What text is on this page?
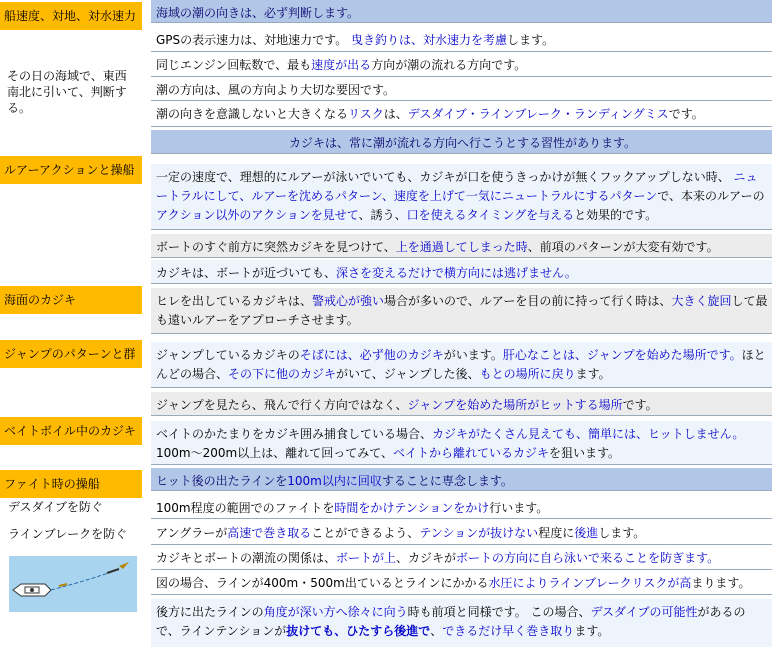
船速度、対地、対水速力
その日の海域で、東西南北に引いて、判断する。
ルアーアクションと操船
海面のカジキ
ジャンプのパターンと群
ベイトボイル中のカジキ
ファイト時の操船
デスダイブを防ぐ
ラインブレークを防ぐ
海域の潮の向きは、必ず判断します。
GPSの表示速力は、対地速力です。 曳き釣りは、対水速力を考慮します。
同じエンジン回転数で、最も速度が出る方向が潮の流れる方向です。
潮の方向は、風の方向より大切な要因です。
潮の向きを意識しないと大きくなるリスクは、デスダイブ・ラインブレーク・ランディングミスです。
カジキは、常に潮が流れる方向へ行こうとする習性があります。
一定の速度で、理想的にルアーが泳いでいても、カジキが口を使うきっかけが無くフックアップしない時、 ニュートラルにして、ルアーを沈めるパターン、速度を上げて一気にニュートラルにするパターンで、本来のルアーのアクション以外のアクションを見せて、誘う、口を使えるタイミングを与えると効果的です。
ボートのすぐ前方に突然カジキを見つけて、上を通過してしまった時、前項のパターンが大変有効です。
カジキは、ボートが近づいても、深さを変えるだけで横方向には逃げません。
ヒレを出しているカジキは、警戒心が強い場合が多いので、ルアーを目の前に持って行く時は、大きく旋回して最も遠いルアーをアプローチさせます。
ジャンプしているカジキのそばには、必ず他のカジキがいます。肝心なことは、ジャンプを始めた場所です。ほとんどの場合、その下に他のカジキがいて、ジャンプした後、もとの場所に戻ります。
ジャンプを見たら、飛んで行く方向ではなく、ジャンプを始めた場所がヒットする場所です。
ベイトのかたまりをカジキ囲み捕食している場合、カジキがたくさん見えても、簡単には、ヒットしません。100m～200m以上は、離れて回ってみて、ベイトから離れているカジキを狙います。
ヒット後の出たラインを100m以内に回収することに専念します。
100m程度の範囲でのファイトを時間をかけテンションをかけ行います。
アングラーが高速で巻き取ることができるよう、テンションが抜けない程度に後進します。
カジキとボートの潮流の関係は、ボートが上、カジキがボートの方向に自ら泳いで来ることを防ぎます。
図の場合、ラインが400m・500m出ているとラインにかかる水圧によりラインブレークリスクが高まります。
後方に出たラインの角度が深い方へ徐々に向う時も前項と同様です。 この場合、デスダイブの可能性があるので、ラインテンションが抜けても、ひたすら後進で、できるだけ早く巻き取ります。
